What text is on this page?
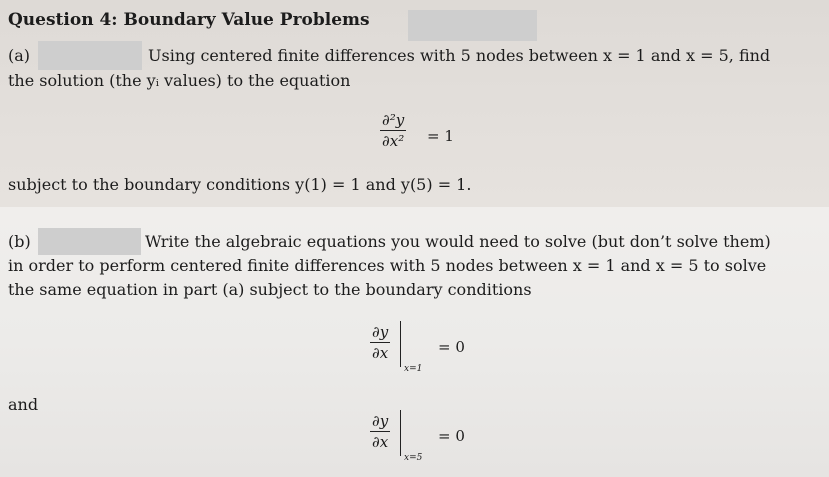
Question 4: Boundary Value Problems
(a)	Using centered finite differences with 5 nodes between x = 1 and x = 5, find
the solution (the yᵢ values) to the equation
∂²y
∂x² = 1
subject to the boundary conditions y(1) = 1 and y(5) = 1.
(b)	Write the algebraic equations you would need to solve (but don’t solve them)
in order to perform centered finite differences with 5 nodes between x = 1 and x = 5 to solve
the same equation in part (a) subject to the boundary conditions
∂y
∂x
x=1
= 0
and
∂y
∂x
x=5
= 0
